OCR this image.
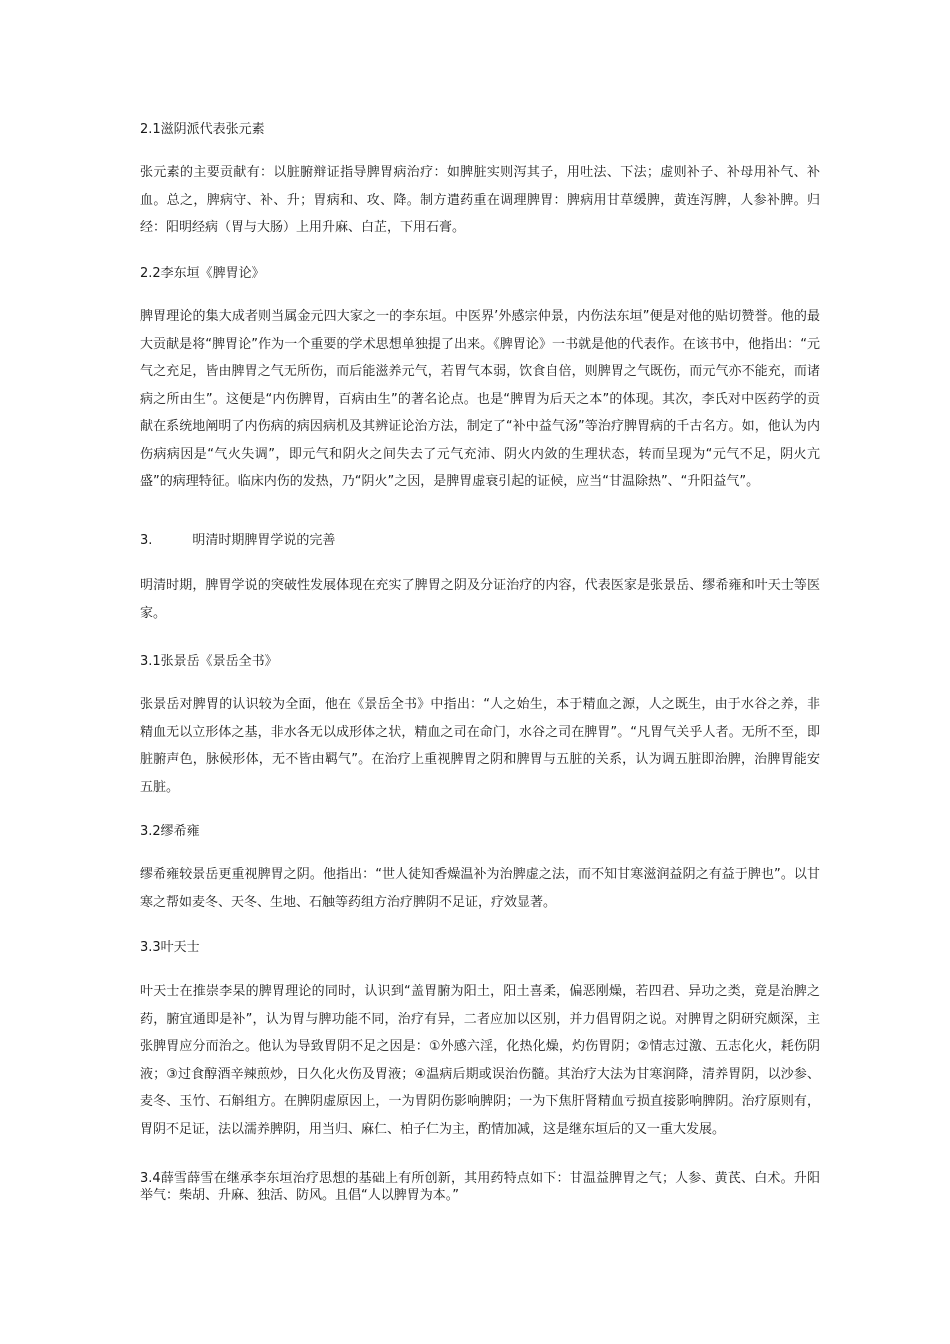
2.1滋阴派代表张元素
张元素的主要贡献有：以脏腑辩证指导脾胃病治疗：如脾脏实则泻其子，用吐法、下法；虚则补子、补母用补气、补血。总之，脾病守、补、升；胃病和、攻、降。制方遣药重在调理脾胃：脾病用甘草缓脾，黄连泻脾，人参补脾。归经：阳明经病（胃与大肠）上用升麻、白芷，下用石膏。
2.2李东垣《脾胃论》
脾胃理论的集大成者则当属金元四大家之一的李东垣。中医界’外感宗仲景，内伤法东垣”便是对他的贴切赞誉。他的最大贡献是将“脾胃论”作为一个重要的学术思想单独提了出来。《脾胃论》一书就是他的代表作。在该书中，他指出：“元气之充足，皆由脾胃之气无所伤，而后能滋养元气，若胃气本弱，饮食自倍，则脾胃之气既伤，而元气亦不能充，而诸病之所由生”。这便是“内伤脾胃，百病由生”的著名论点。也是“脾胃为后天之本”的体现。其次，李氏对中医药学的贡献在系统地阐明了内伤病的病因病机及其辨证论治方法，制定了“补中益气汤”等治疗脾胃病的千古名方。如，他认为内伤病病因是“气火失调”，即元气和阴火之间失去了元气充沛、阴火内敛的生理状态，转而呈现为“元气不足，阴火亢盛”的病理特征。临床内伤的发热，乃“阴火”之因，是脾胃虚衰引起的证候，应当“甘温除热”、“升阳益气”。
3.	明清时期脾胃学说的完善
明清时期，脾胃学说的突破性发展体现在充实了脾胃之阴及分证治疗的内容，代表医家是张景岳、缪希雍和叶天士等医家。
3.1张景岳《景岳全书》
张景岳对脾胃的认识较为全面，他在《景岳全书》中指出：“人之始生，本于精血之源，人之既生，由于水谷之养，非精血无以立形体之基，非水各无以成形体之状，精血之司在命门，水谷之司在脾胃”。“凡胃气关乎人者。无所不至，即脏腑声色，脉候形体，无不皆由羁气”。在治疗上重视脾胃之阴和脾胃与五脏的关系，认为调五脏即治脾，治脾胃能安五脏。
3.2缪希雍
缪希雍较景岳更重视脾胃之阴。他指出：“世人徒知香燥温补为治脾虚之法，而不知甘寒滋润益阴之有益于脾也”。以甘寒之帮如麦冬、天冬、生地、石触等药组方治疗脾阴不足证，疗效显著。
3.3叶天士
叶天士在推崇李杲的脾胃理论的同时，认识到“盖胃腑为阳土，阳土喜柔，偏恶刚燥，若四君、异功之类，竟是治脾之药，腑宜通即是补”，认为胃与脾功能不同，治疗有异，二者应加以区别，并力倡胃阴之说。对脾胃之阴研究颇深，主张脾胃应分而治之。他认为导致胃阴不足之因是：①外感六淫，化热化燥，灼伤胃阴；②情志过激、五志化火，耗伤阴液；③过食醇酒辛辣煎炒，日久化火伤及胃液；④温病后期或误治伤髓。其治疗大法为甘寒润降，清养胃阴，以沙参、麦冬、玉竹、石斛组方。在脾阴虚原因上，一为胃阴伤影响脾阴；一为下焦肝肾精血亏损直接影响脾阴。治疗原则有，胃阴不足证，法以濡养脾阴，用当归、麻仁、柏子仁为主，酌情加减，这是继东垣后的又一重大发展。
3.4薛雪薛雪在继承李东垣治疗思想的基础上有所创新，其用药特点如下：甘温益脾胃之气；人参、黄芪、白术。升阳举气：柴胡、升麻、独活、防风。且倡“人以脾胃为本。”
